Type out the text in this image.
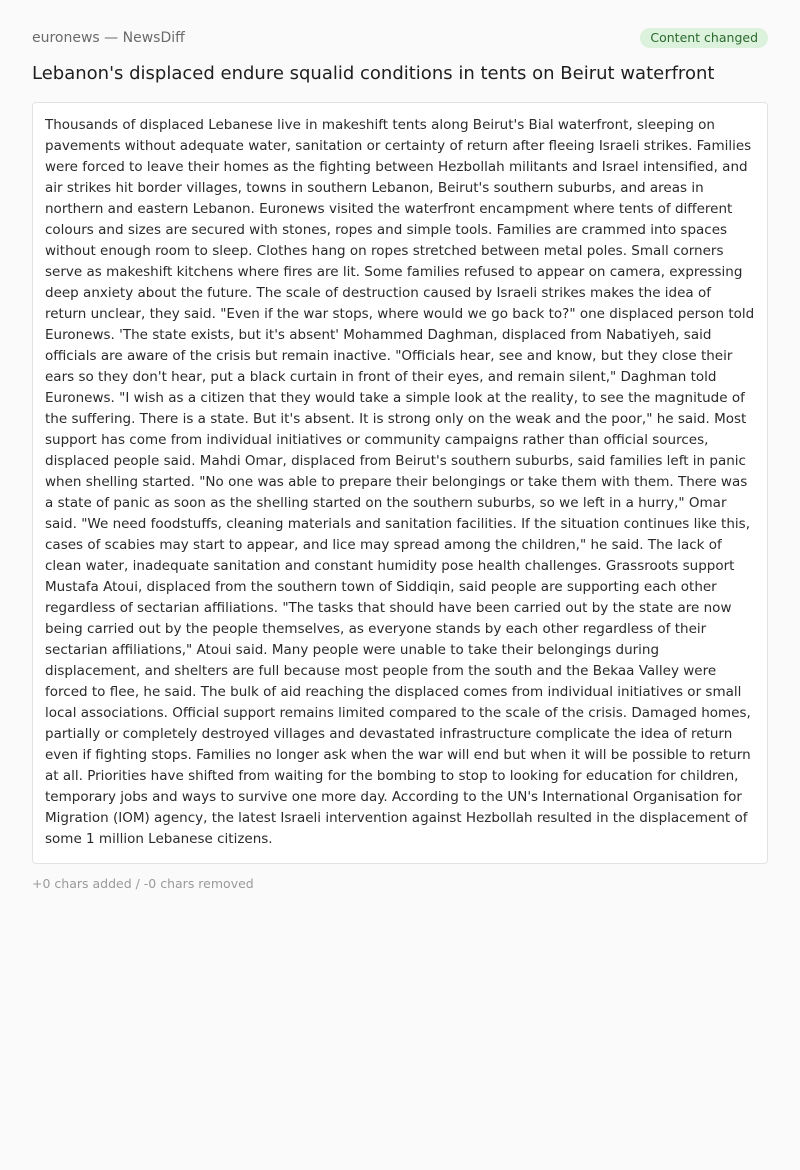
euronews — NewsDiff	Content changed
Lebanon's displaced endure squalid conditions in tents on Beirut waterfront

Thousands of displaced Lebanese live in makeshift tents along Beirut's Bial waterfront, sleeping on pavements without adequate water, sanitation or certainty of return after fleeing Israeli strikes. Families were forced to leave their homes as the fighting between Hezbollah militants and Israel intensified, and air strikes hit border villages, towns in southern Lebanon, Beirut's southern suburbs, and areas in northern and eastern Lebanon. Euronews visited the waterfront encampment where tents of different colours and sizes are secured with stones, ropes and simple tools. Families are crammed into spaces without enough room to sleep. Clothes hang on ropes stretched between metal poles. Small corners serve as makeshift kitchens where fires are lit. Some families refused to appear on camera, expressing deep anxiety about the future. The scale of destruction caused by Israeli strikes makes the idea of return unclear, they said. "Even if the war stops, where would we go back to?" one displaced person told Euronews. 'The state exists, but it's absent' Mohammed Daghman, displaced from Nabatiyeh, said officials are aware of the crisis but remain inactive. "Officials hear, see and know, but they close their ears so they don't hear, put a black curtain in front of their eyes, and remain silent," Daghman told Euronews. "I wish as a citizen that they would take a simple look at the reality, to see the magnitude of the suffering. There is a state. But it's absent. It is strong only on the weak and the poor," he said. Most support has come from individual initiatives or community campaigns rather than official sources, displaced people said. Mahdi Omar, displaced from Beirut's southern suburbs, said families left in panic when shelling started. "No one was able to prepare their belongings or take them with them. There was a state of panic as soon as the shelling started on the southern suburbs, so we left in a hurry," Omar said. "We need foodstuffs, cleaning materials and sanitation facilities. If the situation continues like this, cases of scabies may start to appear, and lice may spread among the children," he said. The lack of clean water, inadequate sanitation and constant humidity pose health challenges. Grassroots support Mustafa Atoui, displaced from the southern town of Siddiqin, said people are supporting each other regardless of sectarian affiliations. "The tasks that should have been carried out by the state are now being carried out by the people themselves, as everyone stands by each other regardless of their sectarian affiliations," Atoui said. Many people were unable to take their belongings during displacement, and shelters are full because most people from the south and the Bekaa Valley were forced to flee, he said. The bulk of aid reaching the displaced comes from individual initiatives or small local associations. Official support remains limited compared to the scale of the crisis. Damaged homes, partially or completely destroyed villages and devastated infrastructure complicate the idea of return even if fighting stops. Families no longer ask when the war will end but when it will be possible to return at all. Priorities have shifted from waiting for the bombing to stop to looking for education for children, temporary jobs and ways to survive one more day. According to the UN's International Organisation for Migration (IOM) agency, the latest Israeli intervention against Hezbollah resulted in the displacement of some 1 million Lebanese citizens.

+0 chars added / -0 chars removed
